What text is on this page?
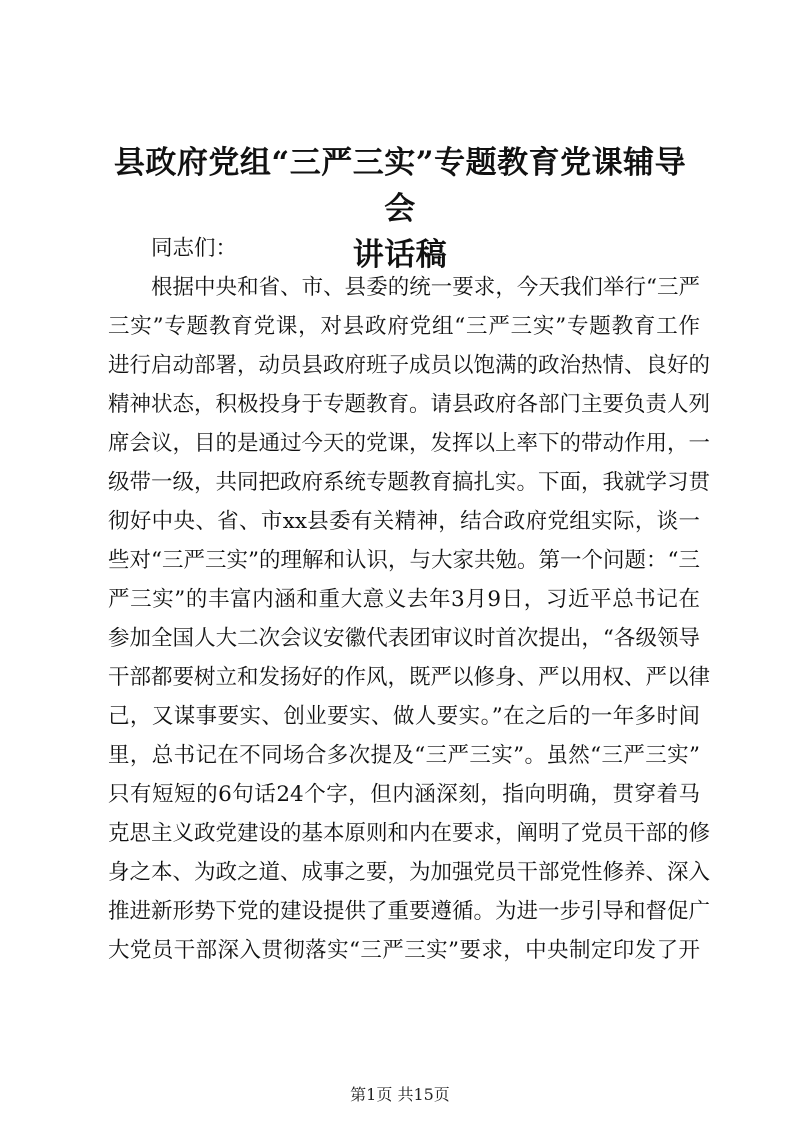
县政府党组“三严三实”专题教育党课辅导会
讲话稿
同志们：
根据中央和省、市、县委的统一要求，今天我们举行“三严
三实”专题教育党课，对县政府党组“三严三实”专题教育工作
进行启动部署，动员县政府班子成员以饱满的政治热情、良好的
精神状态，积极投身于专题教育。请县政府各部门主要负责人列
席会议，目的是通过今天的党课，发挥以上率下的带动作用，一
级带一级，共同把政府系统专题教育搞扎实。下面，我就学习贯
彻好中央、省、市xx县委有关精神，结合政府党组实际，谈一
些对“三严三实”的理解和认识，与大家共勉。第一个问题：“三
严三实”的丰富内涵和重大意义去年3月9日，习近平总书记在
参加全国人大二次会议安徽代表团审议时首次提出，“各级领导
干部都要树立和发扬好的作风，既严以修身、严以用权、严以律
己，又谋事要实、创业要实、做人要实。”在之后的一年多时间
里，总书记在不同场合多次提及“三严三实”。虽然“三严三实”
只有短短的6句话24个字，但内涵深刻，指向明确，贯穿着马
克思主义政党建设的基本原则和内在要求，阐明了党员干部的修
身之本、为政之道、成事之要，为加强党员干部党性修养、深入
推进新形势下党的建设提供了重要遵循。为进一步引导和督促广
大党员干部深入贯彻落实“三严三实”要求，中央制定印发了开
第1页 共15页
